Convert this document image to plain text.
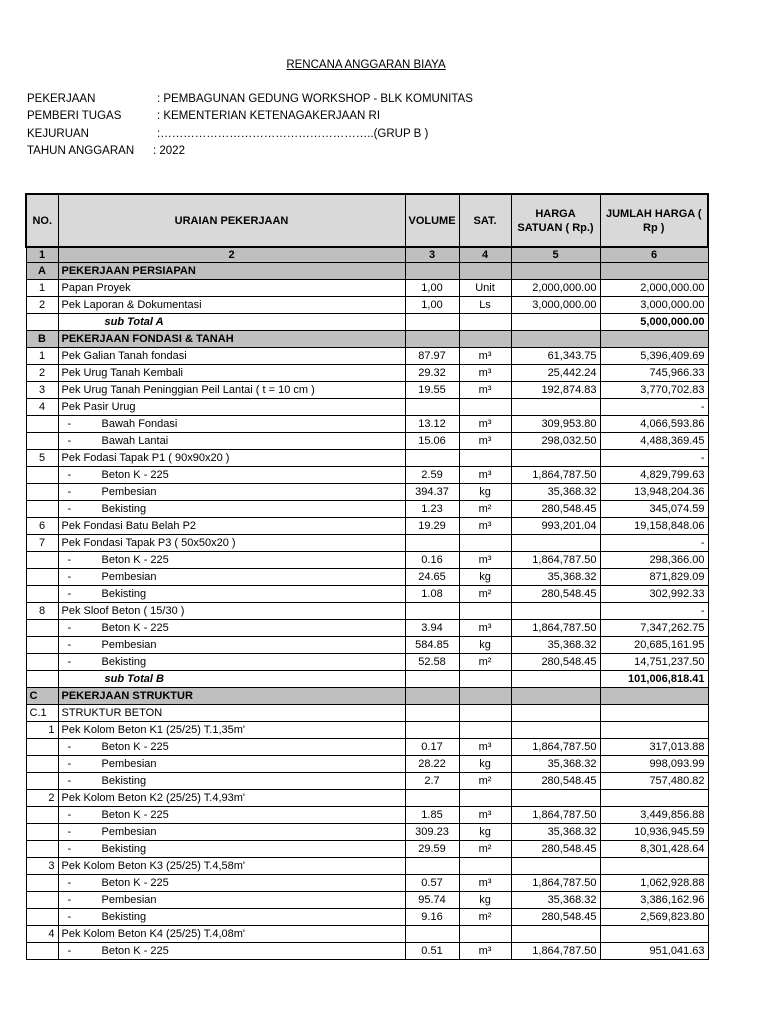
RENCANA ANGGARAN BIAYA
PEKERJAAN	: PEMBAGUNAN GEDUNG WORKSHOP - BLK KOMUNITAS
PEMBERI TUGAS	: KEMENTERIAN KETENAGAKERJAAN RI
KEJURUAN	:………………………………………………..(GRUP B )
TAHUN ANGGARAN : 2022
NO.	URAIAN PEKERJAAN	VOLUME	SAT.	HARGA SATUAN ( Rp.)	JUMLAH HARGA ( Rp )
1	2	3	4	5	6
A	PEKERJAAN PERSIAPAN				
1	Papan Proyek	1,00	Unit	2,000,000.00	2,000,000.00
2	Pek Laporan & Dokumentasi	1,00	Ls	3,000,000.00	3,000,000.00
	sub Total A				5,000,000.00
B	PEKERJAAN FONDASI & TANAH				
1	Pek Galian Tanah fondasi	87.97	m³	61,343.75	5,396,409.69
2	Pek Urug Tanah Kembali	29.32	m³	25,442.24	745,966.33
3	Pek Urug Tanah Peninggian Peil Lantai ( t = 10 cm )	19.55	m³	192,874.83	3,770,702.83
4	Pek Pasir Urug				-
	- Bawah Fondasi	13.12	m³	309,953.80	4,066,593.86
	- Bawah Lantai	15.06	m³	298,032.50	4,488,369.45
5	Pek Fodasi Tapak P1 ( 90x90x20 )				-
	- Beton K - 225	2.59	m³	1,864,787.50	4,829,799.63
	- Pembesian	394.37	kg	35,368.32	13,948,204.36
	- Bekisting	1.23	m²	280,548.45	345,074.59
6	Pek Fondasi Batu Belah P2	19.29	m³	993,201.04	19,158,848.06
7	Pek Fondasi Tapak P3 ( 50x50x20 )				-
	- Beton K - 225	0.16	m³	1,864,787.50	298,366.00
	- Pembesian	24.65	kg	35,368.32	871,829.09
	- Bekisting	1.08	m²	280,548.45	302,992.33
8	Pek Sloof Beton ( 15/30 )				-
	- Beton K - 225	3.94	m³	1,864,787.50	7,347,262.75
	- Pembesian	584.85	kg	35,368.32	20,685,161.95
	- Bekisting	52.58	m²	280,548.45	14,751,237.50
	sub Total B				101,006,818.41
C	PEKERJAAN STRUKTUR				
C.1	STRUKTUR BETON				
1	Pek Kolom Beton K1 (25/25) T.1,35m'				
	- Beton K - 225	0.17	m³	1,864,787.50	317,013.88
	- Pembesian	28.22	kg	35,368.32	998,093.99
	- Bekisting	2.7	m²	280,548.45	757,480.82
2	Pek Kolom Beton K2 (25/25) T.4,93m'				
	- Beton K - 225	1.85	m³	1,864,787.50	3,449,856.88
	- Pembesian	309.23	kg	35,368.32	10,936,945.59
	- Bekisting	29.59	m²	280,548.45	8,301,428.64
3	Pek Kolom Beton K3 (25/25) T.4,58m'				
	- Beton K - 225	0.57	m³	1,864,787.50	1,062,928.88
	- Pembesian	95.74	kg	35,368.32	3,386,162.96
	- Bekisting	9.16	m²	280,548.45	2,569,823.80
4	Pek Kolom Beton K4 (25/25) T.4,08m'				
	- Beton K - 225	0.51	m³	1,864,787.50	951,041.63
